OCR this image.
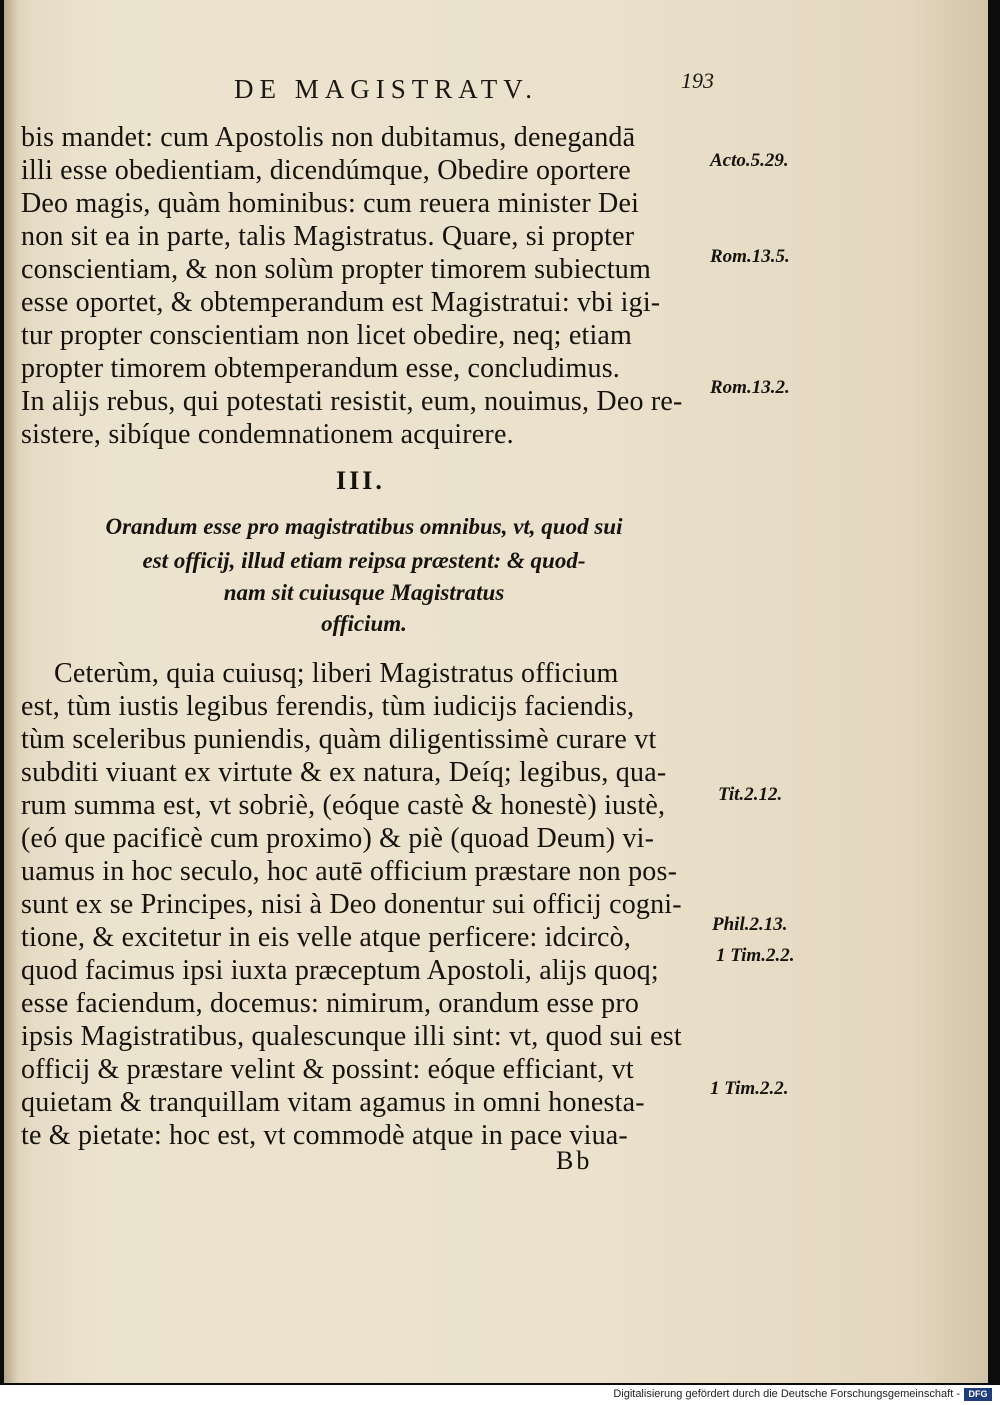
DE MAGISTRATV.	193
bis mandet: cum Apostolis non dubitamus, denegandā
illi esse obedientiam, dicendúmque, Obedire oportere
Deo magis, quàm hominibus: cum reuera minister Dei
non sit ea in parte, talis Magistratus. Quare, si propter
conscientiam, & non solùm propter timorem subiectum
esse oportet, & obtemperandum est Magistratui: vbi igi-
tur propter conscientiam non licet obedire, neq; etiam
propter timorem obtemperandum esse, concludimus.
In alijs rebus, qui potestati resistit, eum, nouimus, Deo re-
sistere, sibíque condemnationem acquirere.
III.
Orandum esse pro magistratibus omnibus, vt, quod sui
est officij, illud etiam reipsa præstent: & quod-
nam sit cuiusque Magistratus
officium.
Ceterùm, quia cuiusq; liberi Magistratus officium
est, tùm iustis legibus ferendis, tùm iudicijs faciendis,
tùm sceleribus puniendis, quàm diligentissimè curare vt
subditi viuant ex virtute & ex natura, Deíq; legibus, qua-
rum summa est, vt sobriè, (eóque castè & honestè) iustè,
(eó que pacificè cum proximo) & piè (quoad Deum) vi-
uamus in hoc seculo, hoc autē officium præstare non pos-
sunt ex se Principes, nisi à Deo donentur sui officij cogni-
tione, & excitetur in eis velle atque perficere: idcircò,
quod facimus ipsi iuxta præceptum Apostoli, alijs quoq;
esse faciendum, docemus: nimirum, orandum esse pro
ipsis Magistratibus, qualescunque illi sint: vt, quod sui est
officij & præstare velint & possint: eóque efficiant, vt
quietam & tranquillam vitam agamus in omni honesta-
te & pietate: hoc est, vt commodè atque in pace viua-
Acto.5.29.
Rom.13.5.
Rom.13.2.
Tit.2.12.
Phil.2.13.
1 Tim.2.2.
1 Tim.2.2.
Bb
Digitalisierung gefördert durch die Deutsche Forschungsgemeinschaft - DFG
